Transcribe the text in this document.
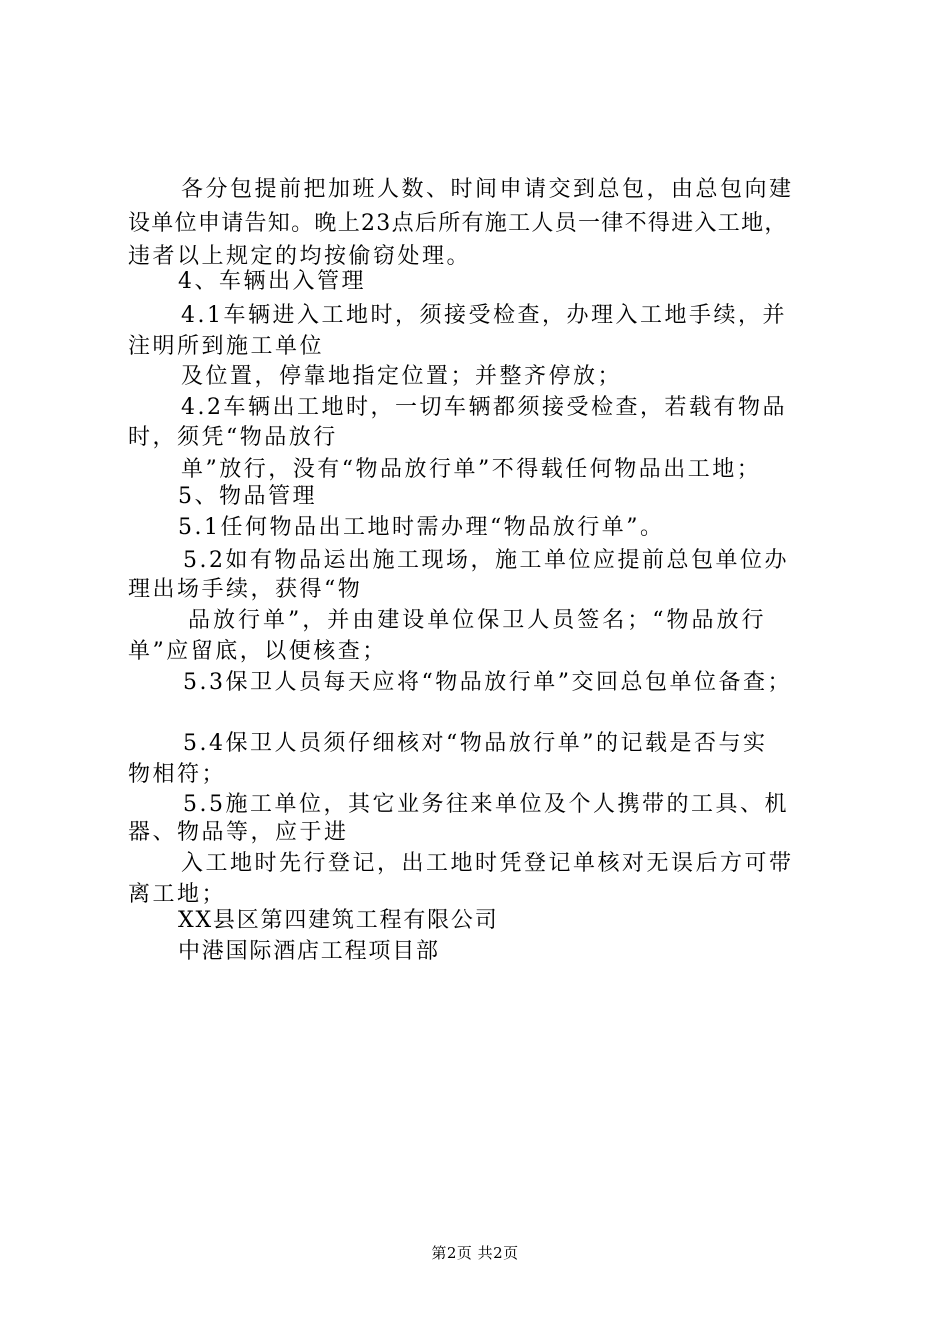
各分包提前把加班人数、时间申请交到总包，由总包向建
设单位申请告知。晚上23点后所有施工人员一律不得进入工地，
违者以上规定的均按偷窃处理。
4、车辆出入管理
4.1车辆进入工地时，须接受检查，办理入工地手续，并
注明所到施工单位
及位置，停靠地指定位置；并整齐停放；
4.2车辆出工地时，一切车辆都须接受检查，若载有物品
时，须凭“物品放行
单”放行，没有“物品放行单”不得载任何物品出工地；
5、物品管理
5.1任何物品出工地时需办理“物品放行单”。
5.2如有物品运出施工现场，施工单位应提前总包单位办
理出场手续，获得“物
品放行单”，并由建设单位保卫人员签名；“物品放行
单”应留底，以便核查；
5.3保卫人员每天应将“物品放行单”交回总包单位备查；
5.4保卫人员须仔细核对“物品放行单”的记载是否与实
物相符；
5.5施工单位，其它业务往来单位及个人携带的工具、机
器、物品等，应于进
入工地时先行登记，出工地时凭登记单核对无误后方可带
离工地；
XX县区第四建筑工程有限公司
中港国际酒店工程项目部
第2页 共2页
